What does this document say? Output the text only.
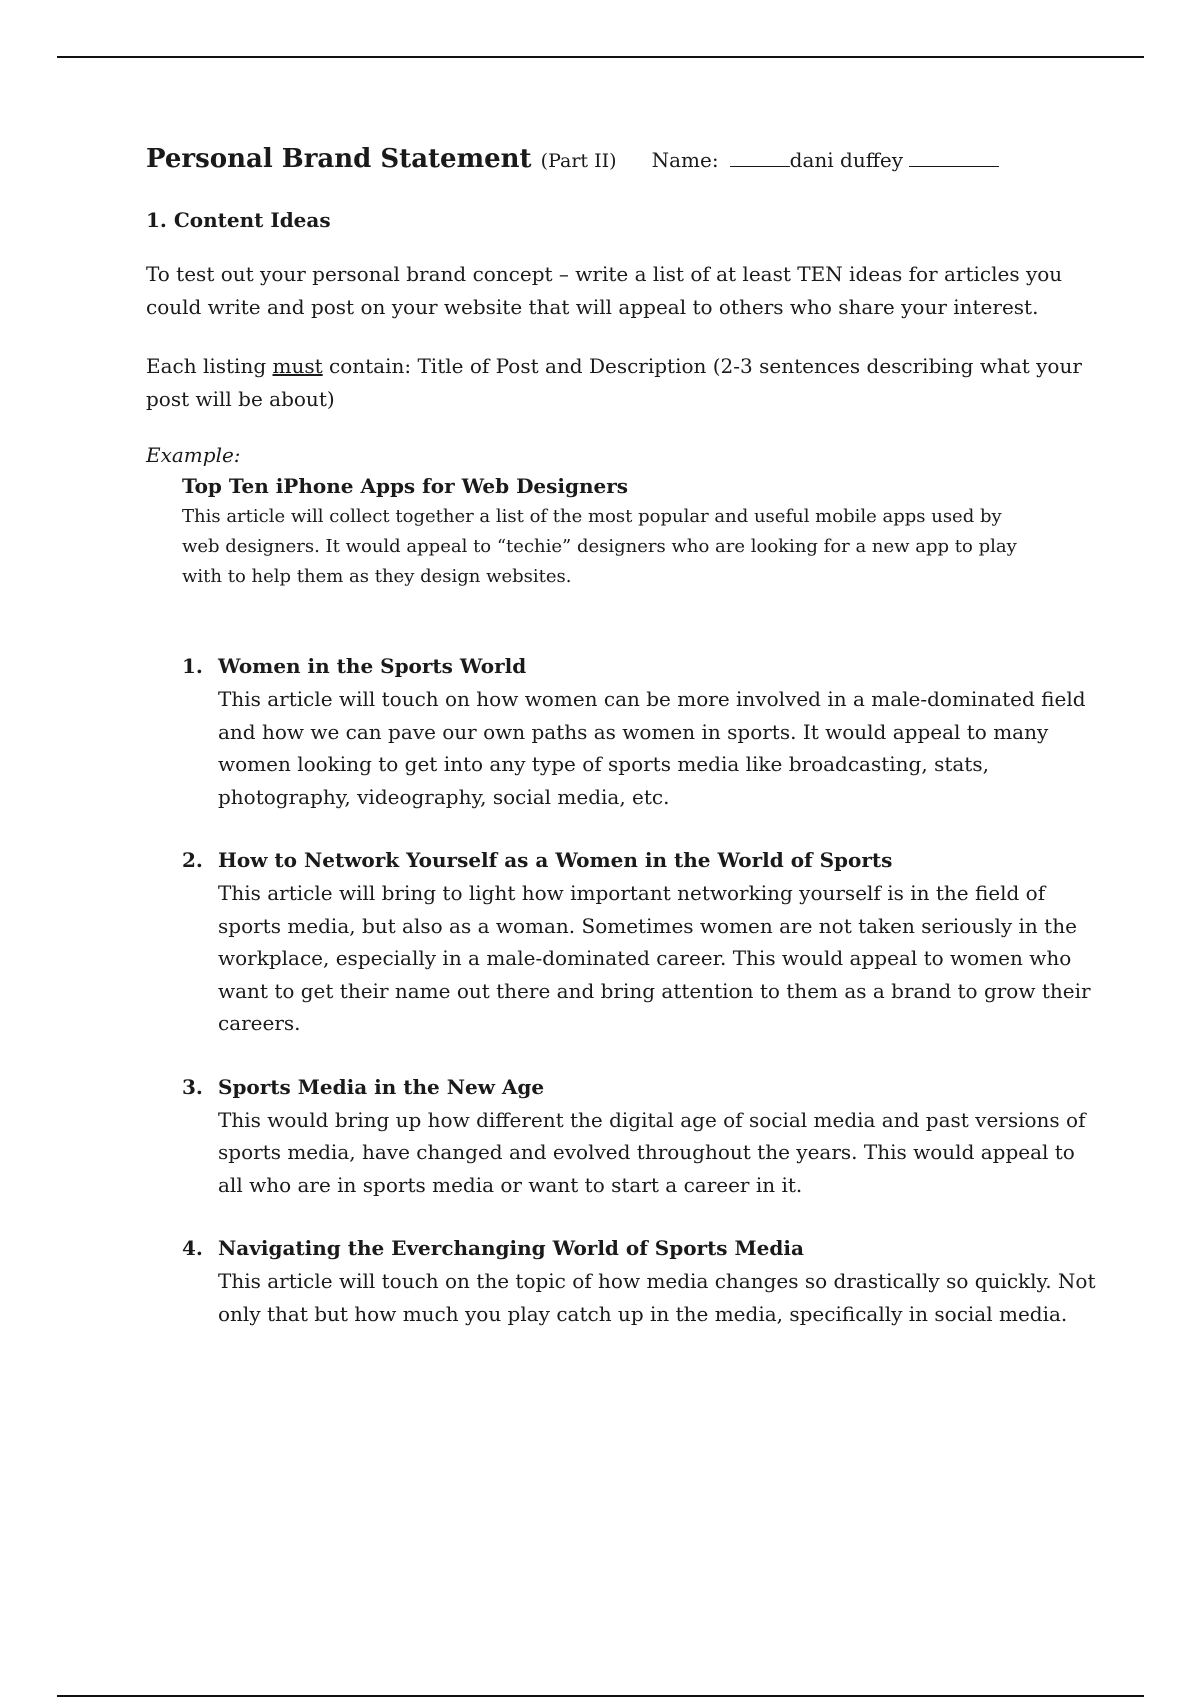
Personal Brand Statement (Part II) Name:	dani duffey
1. Content Ideas
To test out your personal brand concept – write a list of at least TEN ideas for articles you could write and post on your website that will appeal to others who share your interest.
Each listing must contain: Title of Post and Description (2-3 sentences describing what your post will be about)
Example:
Top Ten iPhone Apps for Web Designers
This article will collect together a list of the most popular and useful mobile apps used by web designers. It would appeal to “techie” designers who are looking for a new app to play with to help them as they design websites.
1. Women in the Sports World
This article will touch on how women can be more involved in a male-dominated field and how we can pave our own paths as women in sports. It would appeal to many women looking to get into any type of sports media like broadcasting, stats, photography, videography, social media, etc.
2. How to Network Yourself as a Women in the World of Sports
This article will bring to light how important networking yourself is in the field of sports media, but also as a woman. Sometimes women are not taken seriously in the workplace, especially in a male-dominated career. This would appeal to women who want to get their name out there and bring attention to them as a brand to grow their careers.
3. Sports Media in the New Age
This would bring up how different the digital age of social media and past versions of sports media, have changed and evolved throughout the years. This would appeal to all who are in sports media or want to start a career in it.
4. Navigating the Everchanging World of Sports Media
This article will touch on the topic of how media changes so drastically so quickly. Not only that but how much you play catch up in the media, specifically in social media.
